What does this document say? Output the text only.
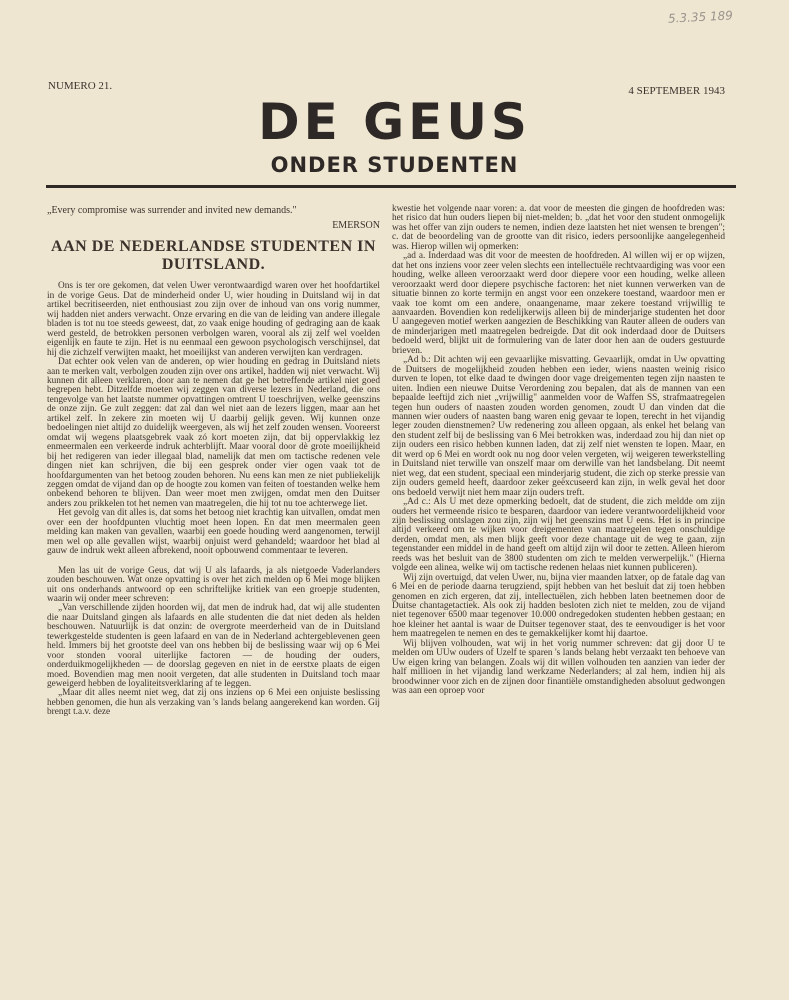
5.3.35 189
NUMERO 21.	4 SEPTEMBER 1943
DE GEUS
ONDER STUDENTEN

„Every compromise was surrender and invited new demands."

EMERSON

AAN DE NEDERLANDSE STUDENTEN IN DUITSLAND.

Ons is ter ore gekomen, dat velen Uwer verontwaardigd waren over het hoofdartikel in de vorige Geus. Dat de minderheid onder U, wier houding in Duitsland wij in dat artikel becritiseerden, niet enthousiast zou zijn over de inhoud van ons vorig nummer, wij hadden niet anders verwacht. Onze ervaring en die van de leiding van andere illegale bladen is tot nu toe steeds geweest, dat, zo vaak enige houding of gedraging aan de kaak werd gesteld, de betrokken personen verbolgen waren, vooral als zij zelf wel voelden eigenlijk en faute te zijn. Het is nu eenmaal een gewoon psychologisch verschijnsel, dat hij die zichzelf verwijten maakt, het moeilijkst van anderen verwijten kan verdragen.

Dat echter ook velen van de anderen, op wier houding en gedrag in Duitsland niets aan te merken valt, verbolgen zouden zijn over ons artikel, hadden wij niet verwacht. Wij kunnen dit alleen verklaren, door aan te nemen dat ge het betreffende artikel niet goed begrepen hebt. Ditzelfde moeten wij zeggen van diverse lezers in Nederland, die ons tengevolge van het laatste nummer opvattingen omtrent U toeschrijven, welke geenszins de onze zijn. Ge zult zeggen: dat zal dan wel niet aan de lezers liggen, maar aan het artikel zelf. In zekere zin moeten wij U daarbij gelijk geven. Wij kunnen onze bedoelingen niet altijd zo duidelijk weergeven, als wij het zelf zouden wensen. Vooreerst omdat wij wegens plaatsgebrek vaak zó kort moeten zijn, dat bij oppervlakkig lez enmeermalen een verkeerde indruk achterblijft. Maar vooral door dè grote moeilijkheid bij het redigeren van ieder illegaal blad, namelijk dat men om tactische redenen vele dingen niet kan schrijven, die bij een gesprek onder vier ogen vaak tot de hoofdargumenten van het betoog zouden behoren. Nu eens kan men ze niet publiekelijk zeggen omdat de vijand dan op de hoogte zou komen van feiten of toestanden welke hem onbekend behoren te blijven. Dan weer moet men zwijgen, omdat men den Duitser anders zou prikkelen tot het nemen van maatregelen, die hij tot nu toe achterwege liet.

Het gevolg van dit alles is, dat soms het betoog niet krachtig kan uitvallen, omdat men over een der hoofdpunten vluchtig moet heen lopen. En dat men meermalen geen melding kan maken van gevallen, waarbij een goede houding werd aangenomen, terwijl men wel op alle gevallen wijst, waarbij onjuist werd gehandeld; waardoor het blad al gauw de indruk wekt alleen afbrekend, nooit opbouwend commentaar te leveren.

Men las uit de vorige Geus, dat wij U als lafaards, ja als nietgoede Vaderlanders zouden beschouwen. Wat onze opvatting is over het zich melden op 6 Mei moge blijken uit ons onderhands antwoord op een schriftelijke kritiek van een groepje studenten, waarin wij onder meer schreven:

„Van verschillende zijden hoorden wij, dat men de indruk had, dat wij alle studenten die naar Duitsland gingen als lafaards en alle studenten die dat niet deden als helden beschouwen. Natuurlijk is dat onzin: de overgrote meerderheid van de in Duitsland tewerkgestelde studenten is geen lafaard en van de in Nederland achtergeblevenen geen held. Immers bij het grootste deel van ons hebben bij de beslissing waar wij op 6 Mei voor stonden vooral uiterlijke factoren — de houding der ouders, onderduikmogelijkheden — de doorslag gegeven en niet in de eerstxe plaats de eigen moed. Bovendien mag men nooit vergeten, dat alle studenten in Duitsland toch maar geweigerd hebben de loyaliteitsverklaring af te leggen.

„Maar dit alles neemt niet weg, dat zij ons inziens op 6 Mei een onjuiste beslissing hebben genomen, die hun als verzaking van 's lands belang aangerekend kan worden. Gij brengt t.a.v. deze

kwestie het volgende naar voren: a. dat voor de meesten die gingen de hoofdreden was: het risico dat hun ouders liepen bij niet-melden; b. „dat het voor den student onmogelijk was het offer van zijn ouders te nemen, indien deze laatsten het niet wensen te brengen"; c. dat de beoordeling van de grootte van dit risico, ieders persoonlijke aangelegenheid was. Hierop willen wij opmerken:

„ad a. Inderdaad was dit voor de meesten de hoofdreden. Al willen wij er op wijzen, dat het ons inziens voor zeer velen slechts een intellectuële rechtvaardiging was voor een houding, welke alleen veroorzaakt werd door diepere voor een houding, welke alleen veroorzaakt werd door diepere psychische factoren: het niet kunnen verwerken van de situatie binnen zo korte termijn en angst voor een onzekere toestand, waardoor men er vaak toe komt om een andere, onaangename, maar zekere toestand vrijwillig te aanvaarden. Bovendien kon redelijkerwijs alleen bij de minderjarige studenten het door U aangegeven motief werken aangezien de Beschikking van Rauter alleen de ouders van de minderjarigen metl maatregelen bedreigde. Dat dit ook inderdaad door de Duitsers bedoeld werd, blijkt uit de formulering van de later door hen aan de ouders gestuurde brieven.

„Ad b.: Dit achten wij een gevaarlijke misvatting. Gevaarlijk, omdat in Uw opvatting de Duitsers de mogelijkheid zouden hebben een ieder, wiens naasten weinig risico durven te lopen, tot elke daad te dwingen door vage dreigementen tegen zijn naasten te uiten. Indien een nieuwe Duitse Verordening zou bepalen, dat als de mannen van een bepaalde leeftijd zich niet „vrijwillig" aanmelden voor de Waffen SS, strafmaatregelen tegen hun ouders of naasten zouden worden genomen, zoudt U dan vinden dat die mannen wier ouders of naasten bang waren enig gevaar te lopen, terecht in het vijandig leger zouden dienstnemen? Uw redenering zou alleen opgaan, als enkel het belang van den student zelf bij de beslissing van 6 Mei betrokken was, inderdaad zou hij dan niet op zijn ouders een risico hebben kunnen laden, dat zij zelf niet wensten te lopen. Maar, en dit werd op 6 Mei en wordt ook nu nog door velen vergeten, wij weigeren tewerkstelling in Duitsland niet terwille van onszelf maar om derwille van het landsbelang. Dit neemt niet weg, dat een student, speciaal een minderjarig student, die zich op sterke pressie van zijn ouders gemeld heeft, daardoor zeker geëxcuseerd kan zijn, in welk geval het door ons bedoeld verwijt niet hem maar zijn ouders treft.

„Ad c.: Als U met deze opmerking bedoelt, dat de student, die zich meldde om zijn ouders het vermeende risico te besparen, daardoor van iedere verantwoordelijkheid voor zijn beslissing ontslagen zou zijn, zijn wij het geenszins met U eens. Het is in principe altijd verkeerd om te wijken voor dreigementen van maatregelen tegen onschuldige derden, omdat men, als men blijk geeft voor deze chantage uit de weg te gaan, zijn tegenstander een middel in de hand geeft om altijd zijn wil door te zetten. Alleen hierom reeds was het besluit van de 3800 studenten om zich te melden verwerpelijk." (Hierna volgde een alinea, welke wij om tactische redenen helaas niet kunnen publiceren).

Wij zijn overtuigd, dat velen Uwer, nu, bijna vier maanden latxer, op de fatale dag van 6 Mei en de periode daarna terugziend, spijt hebben van het besluit dat zij toen hebben genomen en zich ergeren, dat zij, intellectuëlen, zich hebben laten beetnemen door de Duitse chantagetactiek. Als ook zij hadden besloten zich niet te melden, zou de vijand niet tegenover 6500 maar tegenover 10.000 ondregedoken studenten hebben gestaan; en hoe kleiner het aantal is waar de Duitser tegenover staat, des te eenvoudiger is het voor hem maatregelen te nemen en des te gemakkelijker komt hij daartoe.

Wij blijven volhouden, wat wij in het vorig nummer schreven: dat gij door U te melden om UUw ouders of Uzelf te sparen 's lands belang hebt verzaakt ten behoeve van Uw eigen kring van belangen. Zoals wij dit willen volhouden ten aanzien van ieder der half millioen in het vijandig land werkzame Nederlanders; al zal hem, indien hij als broodwinner voor zich en de zijnen door finantiële omstandigheden absoluut gedwongen was aan een oproep voor
